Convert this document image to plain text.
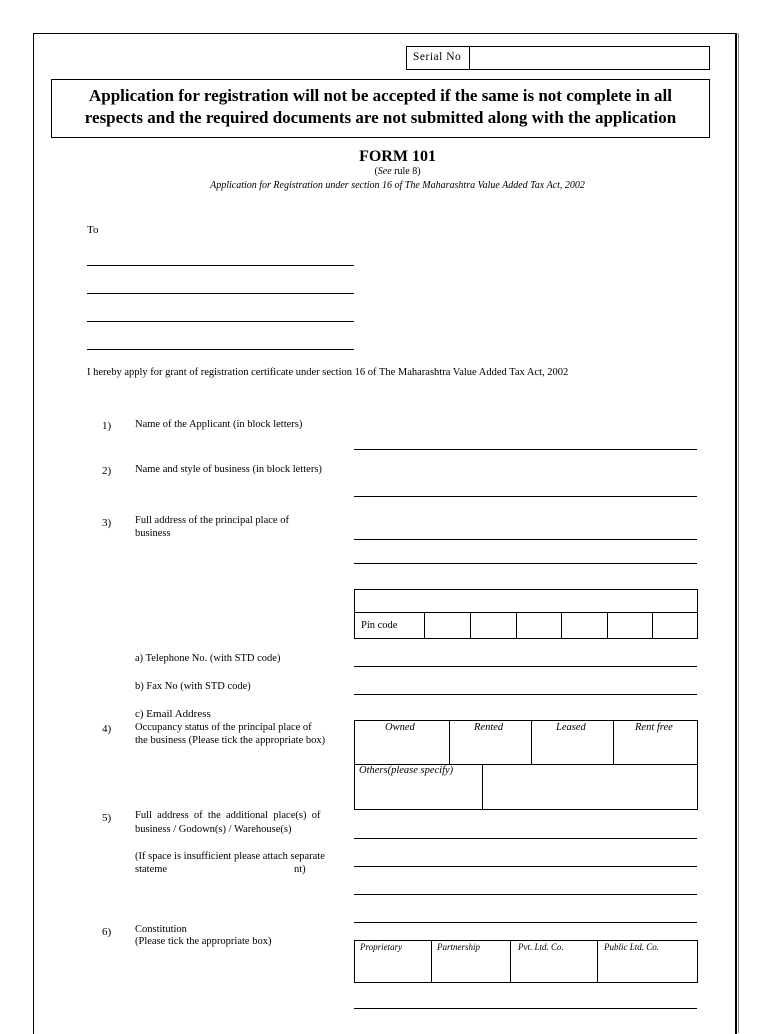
Serial No
Application for registration will not be accepted if the same is not complete in all
respects and the required documents are not submitted along with the application
FORM 101
(See rule 8)
Application for Registration under section 16 of The Maharashtra Value Added Tax Act, 2002
To
I hereby apply for grant of registration certificate under section 16 of The Maharashtra Value Added Tax Act, 2002
1) Name of the Applicant (in block letters)
2) Name and style of business (in block letters)
3) Full address of the principal place of
business
Pin code
a) Telephone No. (with STD code)
b) Fax No (with STD code)
c) Email Address
4) Occupancy status of the principal place of
the business (Please tick the appropriate box)
Owned	Rented	Leased	Rent free
Others(please specify)
5) Full  address  of  the  additional  place(s)  of
business / Godown(s) / Warehouse(s)
(If space is insufficient please attach separate
stateme	nt)
6) Constitution
(Please tick the appropriate box)	Proprietary	Partnership	Pvt. Ltd. Co.	Public Ltd. Co.
